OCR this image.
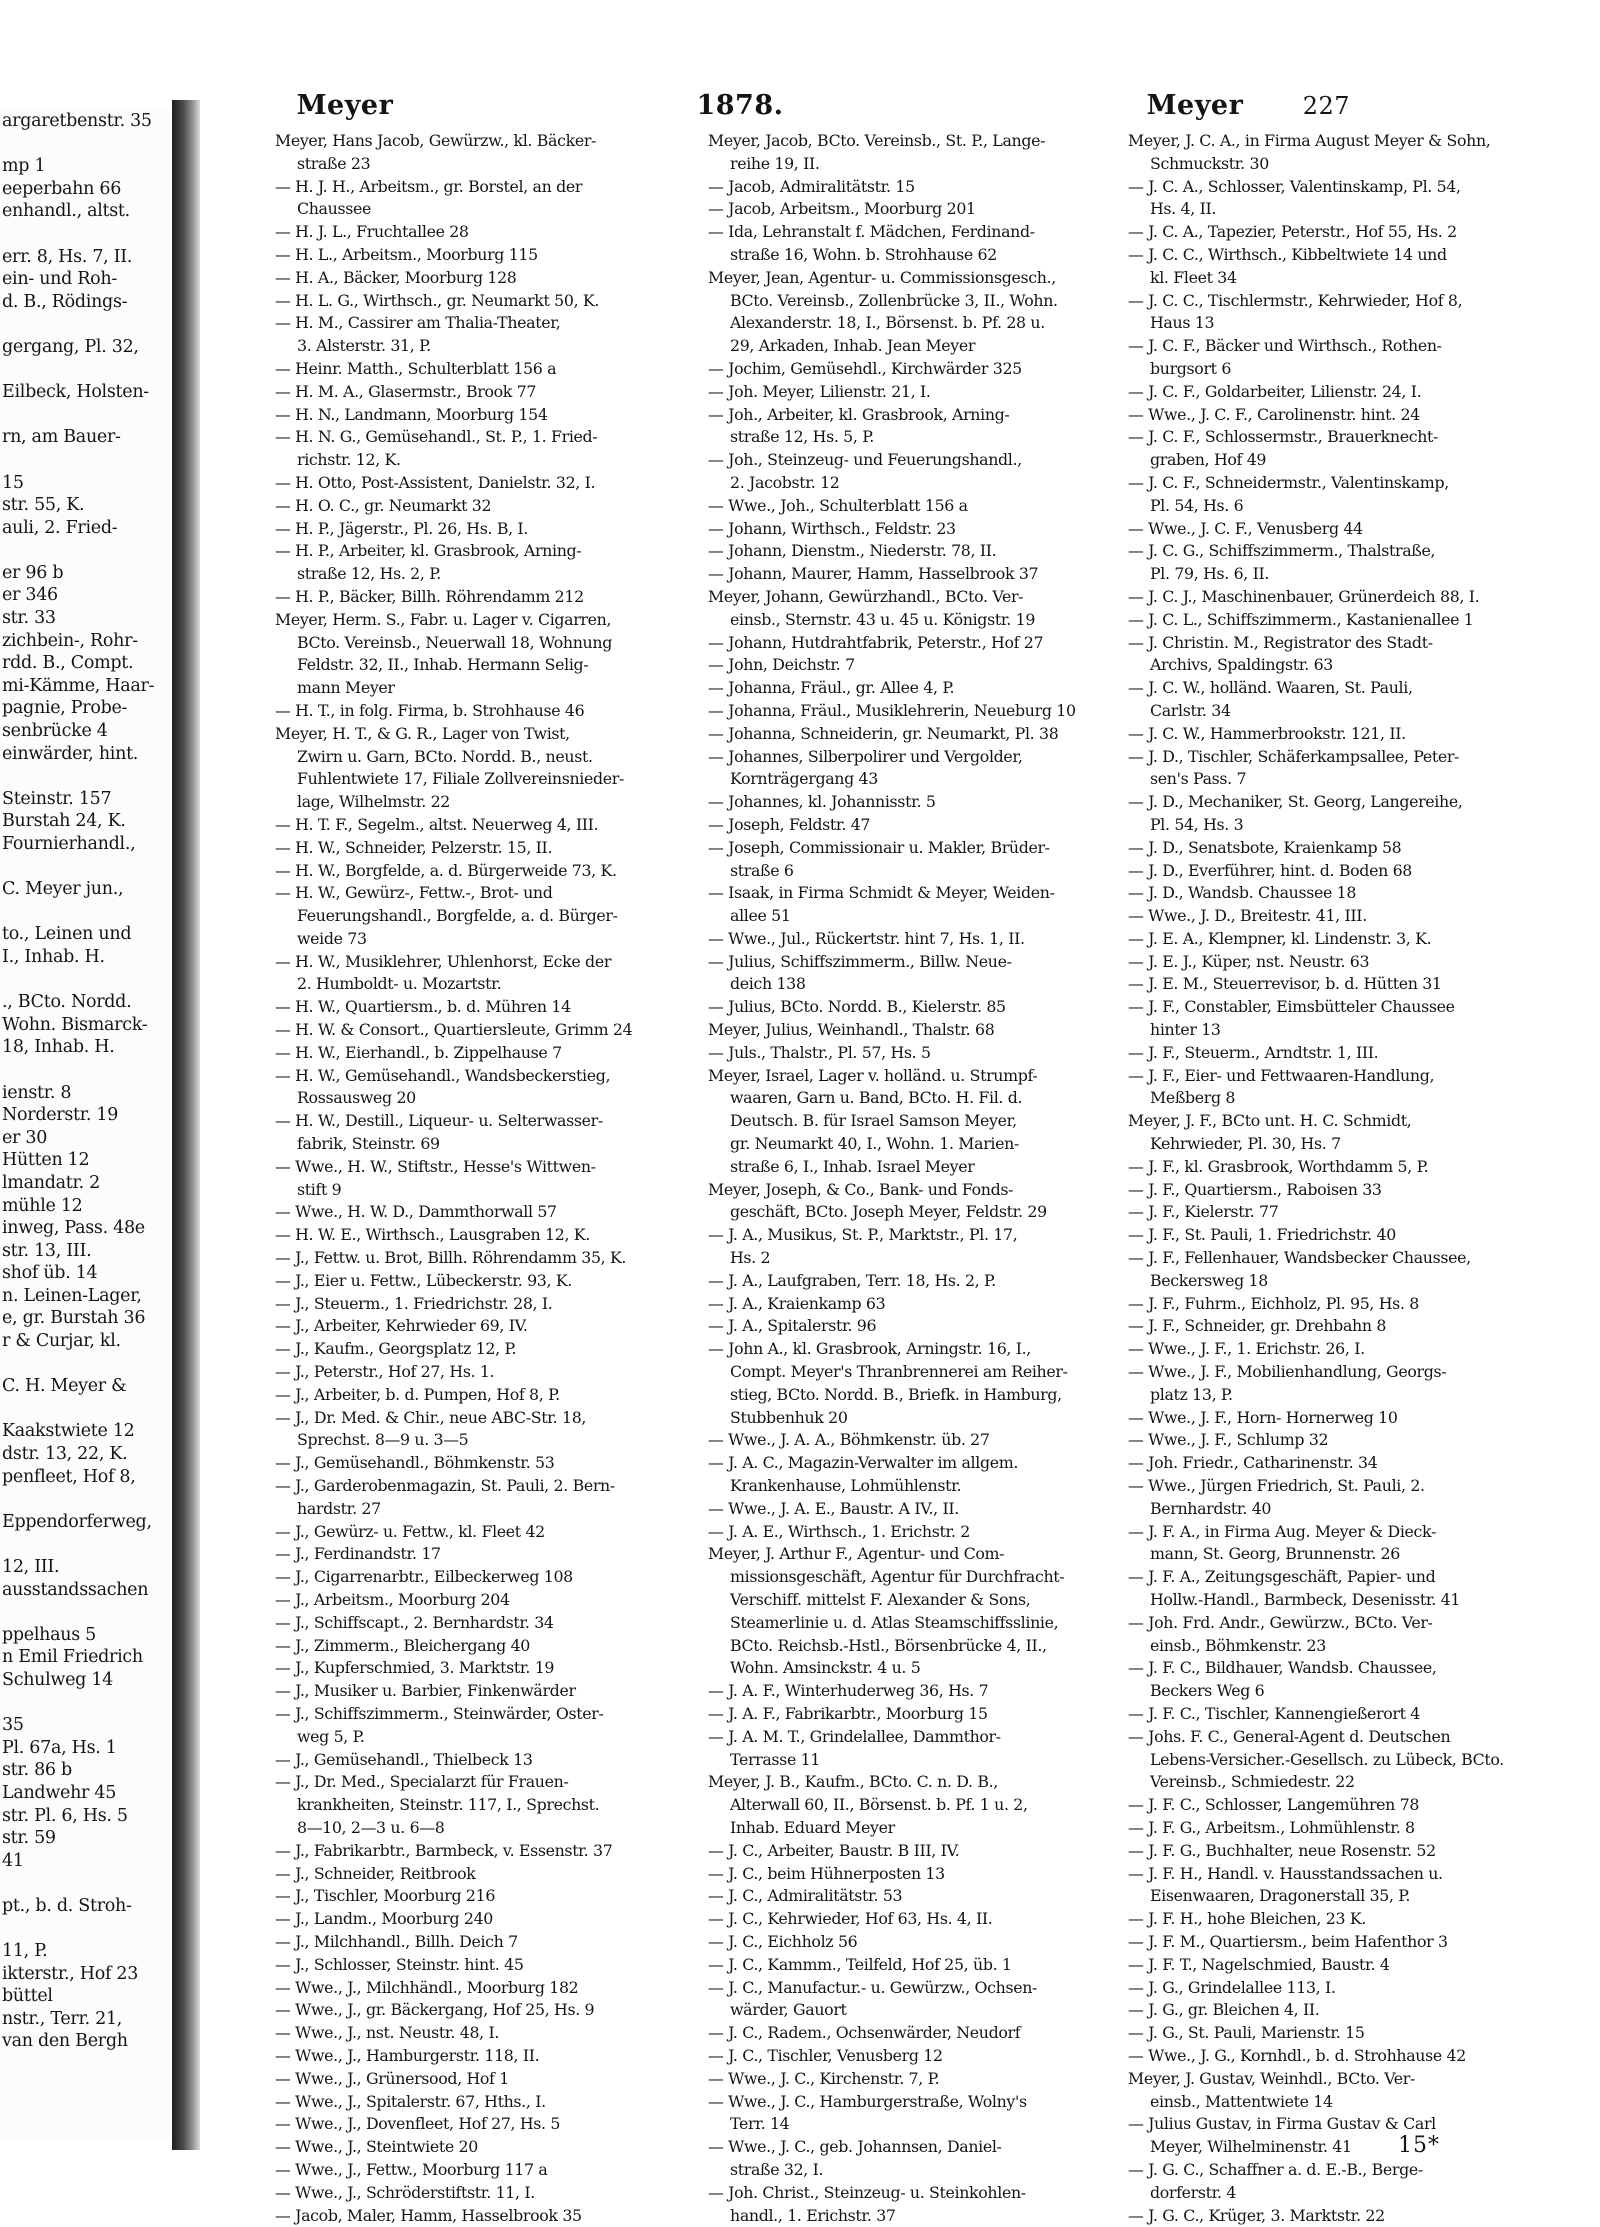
argaretbenstr. 35

mp 1
eeperbahn 66
enhandl., altst.

err. 8, Hs. 7, II.
ein- und Roh-
d. B., Rödings-

gergang, Pl. 32,

Eilbeck, Holsten-

rn, am Bauer-

15
str. 55, K.
auli, 2. Fried-

er 96 b
er 346
str. 33
zichbein-, Rohr-
rdd. B., Compt.
mi-Kämme, Haar-
pagnie, Probe-
senbrücke 4
einwärder, hint.

Steinstr. 157
Burstah 24, K.
Fournierhandl.,

C. Meyer jun.,

to., Leinen und
I., Inhab. H.

., BCto. Nordd.
Wohn. Bismarck-
18, Inhab. H.

ienstr. 8
Norderstr. 19
er 30
Hütten 12
lmandatr. 2
mühle 12
inweg, Pass. 48e
str. 13, III.
shof üb. 14
n. Leinen-Lager,
e, gr. Burstah 36
r & Curjar, kl.

C. H. Meyer &

Kaakstwiete 12
dstr. 13, 22, K.
penfleet, Hof 8,

Eppendorferweg,

12, III.
ausstandssachen

ppelhaus 5
n Emil Friedrich
Schulweg 14

35
Pl. 67a, Hs. 1
str. 86 b
Landwehr 45
str. Pl. 6, Hs. 5
str. 59
41

pt., b. d. Stroh-

11, P.
ikterstr., Hof 23
büttel
nstr., Terr. 21,
van den Bergh
Meyer	1878.	Meyer	227
Meyer, Hans Jacob, Gewürzw., kl. Bäcker-
straße 23
— H. J. H., Arbeitsm., gr. Borstel, an der
Chaussee
— H. J. L., Fruchtallee 28
— H. L., Arbeitsm., Moorburg 115
— H. A., Bäcker, Moorburg 128
— H. L. G., Wirthsch., gr. Neumarkt 50, K.
— H. M., Cassirer am Thalia-Theater,
3. Alsterstr. 31, P.
— Heinr. Matth., Schulterblatt 156 a
— H. M. A., Glasermstr., Brook 77
— H. N., Landmann, Moorburg 154
— H. N. G., Gemüsehandl., St. P., 1. Fried-
richstr. 12, K.
— H. Otto, Post-Assistent, Danielstr. 32, I.
— H. O. C., gr. Neumarkt 32
— H. P., Jägerstr., Pl. 26, Hs. B, I.
— H. P., Arbeiter, kl. Grasbrook, Arning-
straße 12, Hs. 2, P.
— H. P., Bäcker, Billh. Röhrendamm 212
Meyer, Herm. S., Fabr. u. Lager v. Cigarren,
BCto. Vereinsb., Neuerwall 18, Wohnung
Feldstr. 32, II., Inhab. Hermann Selig-
mann Meyer
— H. T., in folg. Firma, b. Strohhause 46
Meyer, H. T., & G. R., Lager von Twist,
Zwirn u. Garn, BCto. Nordd. B., neust.
Fuhlentwiete 17, Filiale Zollvereinsnieder-
lage, Wilhelmstr. 22
— H. T. F., Segelm., altst. Neuerweg 4, III.
— H. W., Schneider, Pelzerstr. 15, II.
— H. W., Borgfelde, a. d. Bürgerweide 73, K.
— H. W., Gewürz-, Fettw.-, Brot- und
Feuerungshandl., Borgfelde, a. d. Bürger-
weide 73
— H. W., Musiklehrer, Uhlenhorst, Ecke der
2. Humboldt- u. Mozartstr.
— H. W., Quartiersm., b. d. Mühren 14
— H. W. & Consort., Quartiersleute, Grimm 24
— H. W., Eierhandl., b. Zippelhause 7
— H. W., Gemüsehandl., Wandsbeckerstieg,
Rossausweg 20
— H. W., Destill., Liqueur- u. Selterwasser-
fabrik, Steinstr. 69
— Wwe., H. W., Stiftstr., Hesse's Wittwen-
stift 9
— Wwe., H. W. D., Dammthorwall 57
— H. W. E., Wirthsch., Lausgraben 12, K.
— J., Fettw. u. Brot, Billh. Röhrendamm 35, K.
— J., Eier u. Fettw., Lübeckerstr. 93, K.
— J., Steuerm., 1. Friedrichstr. 28, I.
— J., Arbeiter, Kehrwieder 69, IV.
— J., Kaufm., Georgsplatz 12, P.
— J., Peterstr., Hof 27, Hs. 1.
— J., Arbeiter, b. d. Pumpen, Hof 8, P.
— J., Dr. Med. & Chir., neue ABC-Str. 18,
Sprechst. 8—9 u. 3—5
— J., Gemüsehandl., Böhmkenstr. 53
— J., Garderobenmagazin, St. Pauli, 2. Bern-
hardstr. 27
— J., Gewürz- u. Fettw., kl. Fleet 42
— J., Ferdinandstr. 17
— J., Cigarrenarbtr., Eilbeckerweg 108
— J., Arbeitsm., Moorburg 204
— J., Schiffscapt., 2. Bernhardstr. 34
— J., Zimmerm., Bleichergang 40
— J., Kupferschmied, 3. Marktstr. 19
— J., Musiker u. Barbier, Finkenwärder
— J., Schiffszimmerm., Steinwärder, Oster-
weg 5, P.
— J., Gemüsehandl., Thielbeck 13
— J., Dr. Med., Specialarzt für Frauen-
krankheiten, Steinstr. 117, I., Sprechst.
8—10, 2—3 u. 6—8
— J., Fabrikarbtr., Barmbeck, v. Essenstr. 37
— J., Schneider, Reitbrook
— J., Tischler, Moorburg 216
— J., Landm., Moorburg 240
— J., Milchhandl., Billh. Deich 7
— J., Schlosser, Steinstr. hint. 45
— Wwe., J., Milchhändl., Moorburg 182
— Wwe., J., gr. Bäckergang, Hof 25, Hs. 9
— Wwe., J., nst. Neustr. 48, I.
— Wwe., J., Hamburgerstr. 118, II.
— Wwe., J., Grünersood, Hof 1
— Wwe., J., Spitalerstr. 67, Hths., I.
— Wwe., J., Dovenfleet, Hof 27, Hs. 5
— Wwe., J., Steintwiete 20
— Wwe., J., Fettw., Moorburg 117 a
— Wwe., J., Schröderstiftstr. 11, I.
— Jacob, Maler, Hamm, Hasselbrook 35
Meyer, Jacob, BCto. Vereinsb., St. P., Lange-
reihe 19, II.
— Jacob, Admiralitätstr. 15
— Jacob, Arbeitsm., Moorburg 201
— Ida, Lehranstalt f. Mädchen, Ferdinand-
straße 16, Wohn. b. Strohhause 62
Meyer, Jean, Agentur- u. Commissionsgesch.,
BCto. Vereinsb., Zollenbrücke 3, II., Wohn.
Alexanderstr. 18, I., Börsenst. b. Pf. 28 u.
29, Arkaden, Inhab. Jean Meyer
— Jochim, Gemüsehdl., Kirchwärder 325
— Joh. Meyer, Lilienstr. 21, I.
— Joh., Arbeiter, kl. Grasbrook, Arning-
straße 12, Hs. 5, P.
— Joh., Steinzeug- und Feuerungshandl.,
2. Jacobstr. 12
— Wwe., Joh., Schulterblatt 156 a
— Johann, Wirthsch., Feldstr. 23
— Johann, Dienstm., Niederstr. 78, II.
— Johann, Maurer, Hamm, Hasselbrook 37
Meyer, Johann, Gewürzhandl., BCto. Ver-
einsb., Sternstr. 43 u. 45 u. Königstr. 19
— Johann, Hutdrahtfabrik, Peterstr., Hof 27
— John, Deichstr. 7
— Johanna, Fräul., gr. Allee 4, P.
— Johanna, Fräul., Musiklehrerin, Neueburg 10
— Johanna, Schneiderin, gr. Neumarkt, Pl. 38
— Johannes, Silberpolirer und Vergolder,
Kornträgergang 43
— Johannes, kl. Johannisstr. 5
— Joseph, Feldstr. 47
— Joseph, Commissionair u. Makler, Brüder-
straße 6
— Isaak, in Firma Schmidt & Meyer, Weiden-
allee 51
— Wwe., Jul., Rückertstr. hint 7, Hs. 1, II.
— Julius, Schiffszimmerm., Billw. Neue-
deich 138
— Julius, BCto. Nordd. B., Kielerstr. 85
Meyer, Julius, Weinhandl., Thalstr. 68
— Juls., Thalstr., Pl. 57, Hs. 5
Meyer, Israel, Lager v. holländ. u. Strumpf-
waaren, Garn u. Band, BCto. H. Fil. d.
Deutsch. B. für Israel Samson Meyer,
gr. Neumarkt 40, I., Wohn. 1. Marien-
straße 6, I., Inhab. Israel Meyer
Meyer, Joseph, & Co., Bank- und Fonds-
geschäft, BCto. Joseph Meyer, Feldstr. 29
— J. A., Musikus, St. P., Marktstr., Pl. 17,
Hs. 2
— J. A., Laufgraben, Terr. 18, Hs. 2, P.
— J. A., Kraienkamp 63
— J. A., Spitalerstr. 96
— John A., kl. Grasbrook, Arningstr. 16, I.,
Compt. Meyer's Thranbrennerei am Reiher-
stieg, BCto. Nordd. B., Briefk. in Hamburg,
Stubbenhuk 20
— Wwe., J. A. A., Böhmkenstr. üb. 27
— J. A. C., Magazin-Verwalter im allgem.
Krankenhause, Lohmühlenstr.
— Wwe., J. A. E., Baustr. A IV., II.
— J. A. E., Wirthsch., 1. Erichstr. 2
Meyer, J. Arthur F., Agentur- und Com-
missionsgeschäft, Agentur für Durchfracht-
Verschiff. mittelst F. Alexander & Sons,
Steamerlinie u. d. Atlas Steamschiffsslinie,
BCto. Reichsb.-Hstl., Börsenbrücke 4, II.,
Wohn. Amsinckstr. 4 u. 5
— J. A. F., Winterhuderweg 36, Hs. 7
— J. A. F., Fabrikarbtr., Moorburg 15
— J. A. M. T., Grindelallee, Dammthor-
Terrasse 11
Meyer, J. B., Kaufm., BCto. C. n. D. B.,
Alterwall 60, II., Börsenst. b. Pf. 1 u. 2,
Inhab. Eduard Meyer
— J. C., Arbeiter, Baustr. B III, IV.
— J. C., beim Hühnerposten 13
— J. C., Admiralitätstr. 53
— J. C., Kehrwieder, Hof 63, Hs. 4, II.
— J. C., Eichholz 56
— J. C., Kammm., Teilfeld, Hof 25, üb. 1
— J. C., Manufactur.- u. Gewürzw., Ochsen-
wärder, Gauort
— J. C., Radem., Ochsenwärder, Neudorf
— J. C., Tischler, Venusberg 12
— Wwe., J. C., Kirchenstr. 7, P.
— Wwe., J. C., Hamburgerstraße, Wolny's
Terr. 14
— Wwe., J. C., geb. Johannsen, Daniel-
straße 32, I.
— Joh. Christ., Steinzeug- u. Steinkohlen-
handl., 1. Erichstr. 37
Meyer, J. C. A., in Firma August Meyer & Sohn,
Schmuckstr. 30
— J. C. A., Schlosser, Valentinskamp, Pl. 54,
Hs. 4, II.
— J. C. A., Tapezier, Peterstr., Hof 55, Hs. 2
— J. C. C., Wirthsch., Kibbeltwiete 14 und
kl. Fleet 34
— J. C. C., Tischlermstr., Kehrwieder, Hof 8,
Haus 13
— J. C. F., Bäcker und Wirthsch., Rothen-
burgsort 6
— J. C. F., Goldarbeiter, Lilienstr. 24, I.
— Wwe., J. C. F., Carolinenstr. hint. 24
— J. C. F., Schlossermstr., Brauerknecht-
graben, Hof 49
— J. C. F., Schneidermstr., Valentinskamp,
Pl. 54, Hs. 6
— Wwe., J. C. F., Venusberg 44
— J. C. G., Schiffszimmerm., Thalstraße,
Pl. 79, Hs. 6, II.
— J. C. J., Maschinenbauer, Grünerdeich 88, I.
— J. C. L., Schiffszimmerm., Kastanienallee 1
— J. Christin. M., Registrator des Stadt-
Archivs, Spaldingstr. 63
— J. C. W., holländ. Waaren, St. Pauli,
Carlstr. 34
— J. C. W., Hammerbrookstr. 121, II.
— J. D., Tischler, Schäferkampsallee, Peter-
sen's Pass. 7
— J. D., Mechaniker, St. Georg, Langereihe,
Pl. 54, Hs. 3
— J. D., Senatsbote, Kraienkamp 58
— J. D., Everführer, hint. d. Boden 68
— J. D., Wandsb. Chaussee 18
— Wwe., J. D., Breitestr. 41, III.
— J. E. A., Klempner, kl. Lindenstr. 3, K.
— J. E. J., Küper, nst. Neustr. 63
— J. E. M., Steuerrevisor, b. d. Hütten 31
— J. F., Constabler, Eimsbütteler Chaussee
hinter 13
— J. F., Steuerm., Arndtstr. 1, III.
— J. F., Eier- und Fettwaaren-Handlung,
Meßberg 8
Meyer, J. F., BCto unt. H. C. Schmidt,
Kehrwieder, Pl. 30, Hs. 7
— J. F., kl. Grasbrook, Worthdamm 5, P.
— J. F., Quartiersm., Raboisen 33
— J. F., Kielerstr. 77
— J. F., St. Pauli, 1. Friedrichstr. 40
— J. F., Fellenhauer, Wandsbecker Chaussee,
Beckersweg 18
— J. F., Fuhrm., Eichholz, Pl. 95, Hs. 8
— J. F., Schneider, gr. Drehbahn 8
— Wwe., J. F., 1. Erichstr. 26, I.
— Wwe., J. F., Mobilienhandlung, Georgs-
platz 13, P.
— Wwe., J. F., Horn- Hornerweg 10
— Wwe., J. F., Schlump 32
— Joh. Friedr., Catharinenstr. 34
— Wwe., Jürgen Friedrich, St. Pauli, 2.
Bernhardstr. 40
— J. F. A., in Firma Aug. Meyer & Dieck-
mann, St. Georg, Brunnenstr. 26
— J. F. A., Zeitungsgeschäft, Papier- und
Hollw.-Handl., Barmbeck, Desenisstr. 41
— Joh. Frd. Andr., Gewürzw., BCto. Ver-
einsb., Böhmkenstr. 23
— J. F. C., Bildhauer, Wandsb. Chaussee,
Beckers Weg 6
— J. F. C., Tischler, Kannengießerort 4
— Johs. F. C., General-Agent d. Deutschen
Lebens-Versicher.-Gesellsch. zu Lübeck, BCto.
Vereinsb., Schmiedestr. 22
— J. F. C., Schlosser, Langemühren 78
— J. F. G., Arbeitsm., Lohmühlenstr. 8
— J. F. G., Buchhalter, neue Rosenstr. 52
— J. F. H., Handl. v. Hausstandssachen u.
Eisenwaaren, Dragonerstall 35, P.
— J. F. H., hohe Bleichen, 23 K.
— J. F. M., Quartiersm., beim Hafenthor 3
— J. F. T., Nagelschmied, Baustr. 4
— J. G., Grindelallee 113, I.
— J. G., gr. Bleichen 4, II.
— J. G., St. Pauli, Marienstr. 15
— Wwe., J. G., Kornhdl., b. d. Strohhause 42
Meyer, J. Gustav, Weinhdl., BCto. Ver-
einsb., Mattentwiete 14
— Julius Gustav, in Firma Gustav & Carl
Meyer, Wilhelminenstr. 41
— J. G. C., Schaffner a. d. E.-B., Berge-
dorferstr. 4
— J. G. C., Krüger, 3. Marktstr. 22
15*
